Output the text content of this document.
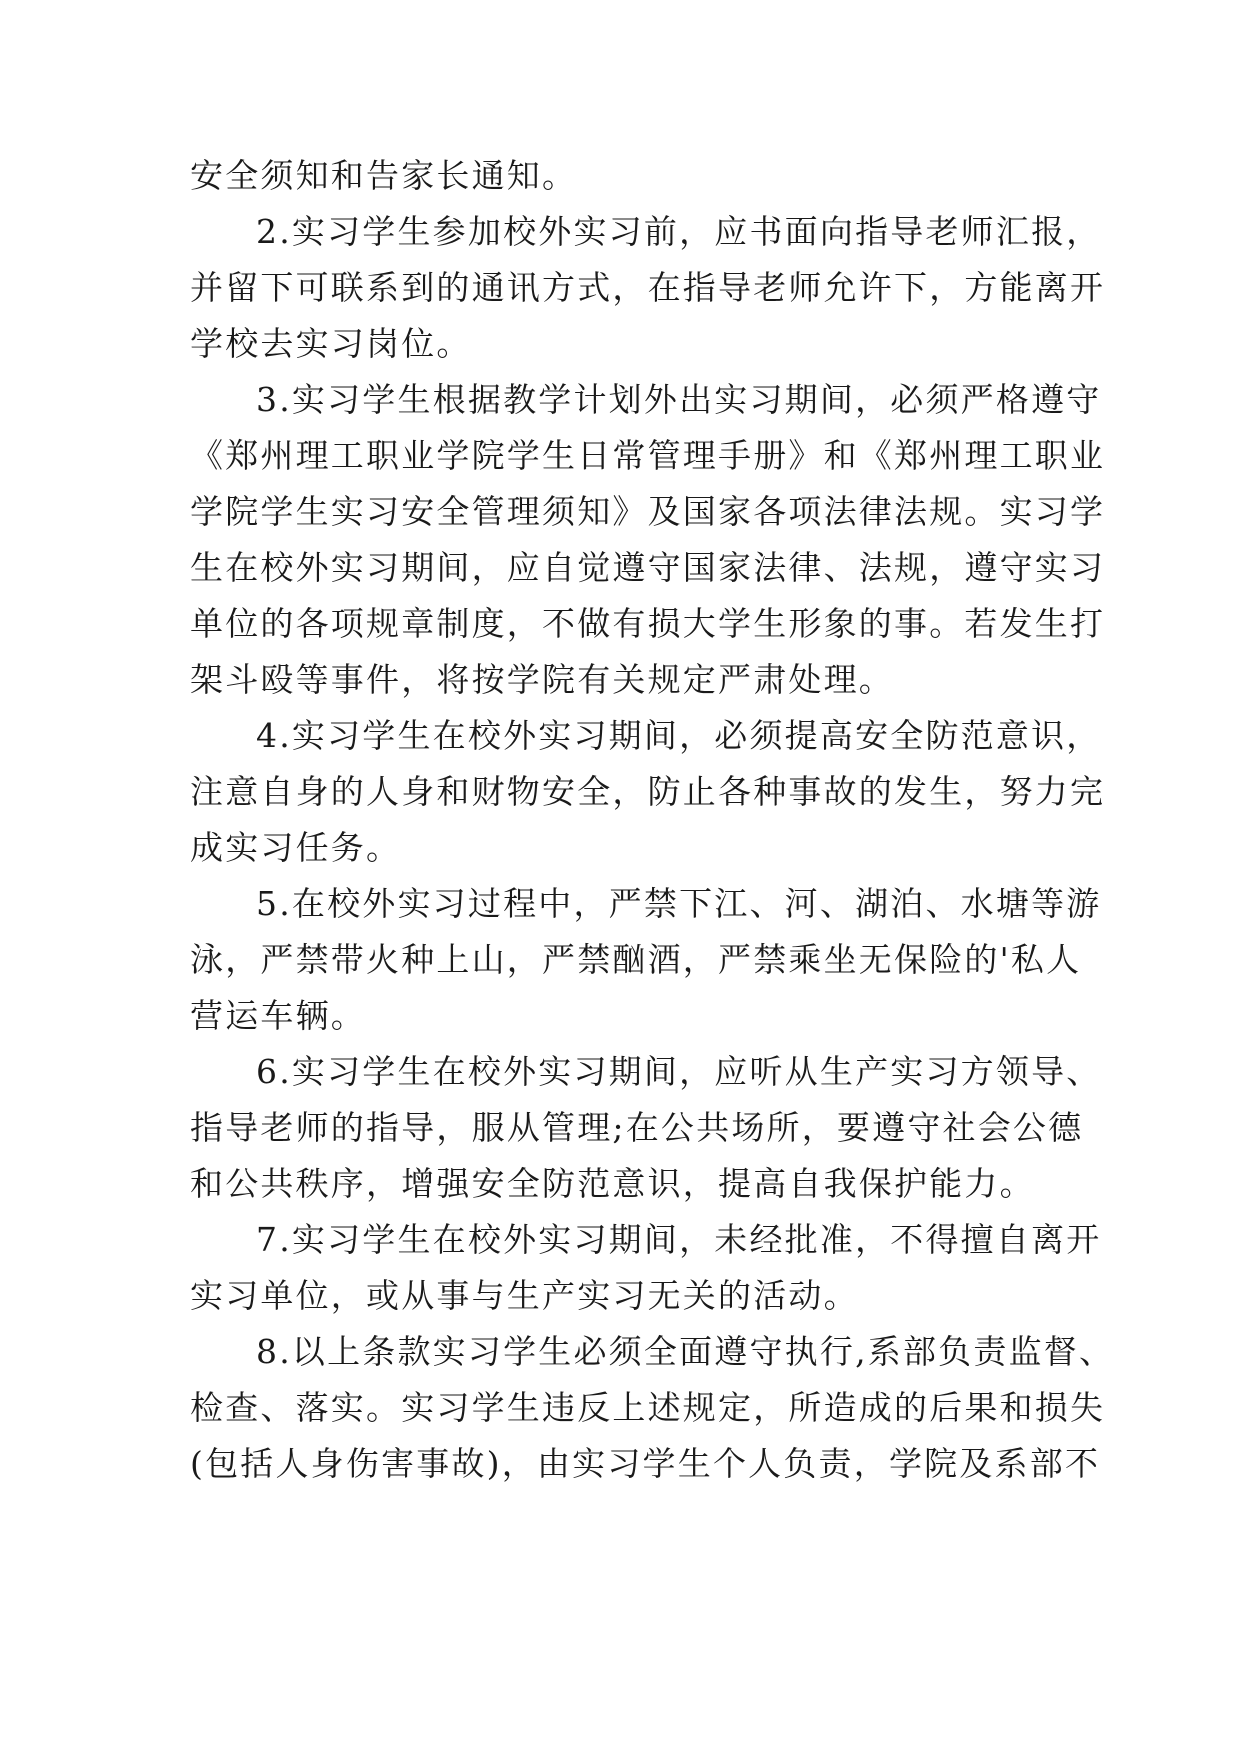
安全须知和告家长通知。
2.实习学生参加校外实习前，应书面向指导老师汇报，
并留下可联系到的通讯方式，在指导老师允许下，方能离开
学校去实习岗位。
3.实习学生根据教学计划外出实习期间，必须严格遵守
《郑州理工职业学院学生日常管理手册》和《郑州理工职业
学院学生实习安全管理须知》及国家各项法律法规。实习学
生在校外实习期间，应自觉遵守国家法律、法规，遵守实习
单位的各项规章制度，不做有损大学生形象的事。若发生打
架斗殴等事件，将按学院有关规定严肃处理。
4.实习学生在校外实习期间，必须提高安全防范意识，
注意自身的人身和财物安全，防止各种事故的发生，努力完
成实习任务。
5.在校外实习过程中，严禁下江、河、湖泊、水塘等游
泳，严禁带火种上山，严禁酗酒，严禁乘坐无保险的'私人
营运车辆。
6.实习学生在校外实习期间，应听从生产实习方领导、
指导老师的指导，服从管理;在公共场所，要遵守社会公德
和公共秩序，增强安全防范意识，提高自我保护能力。
7.实习学生在校外实习期间，未经批准，不得擅自离开
实习单位，或从事与生产实习无关的活动。
8.以上条款实习学生必须全面遵守执行,系部负责监督、
检查、落实。实习学生违反上述规定，所造成的后果和损失
(包括人身伤害事故)，由实习学生个人负责，学院及系部不
